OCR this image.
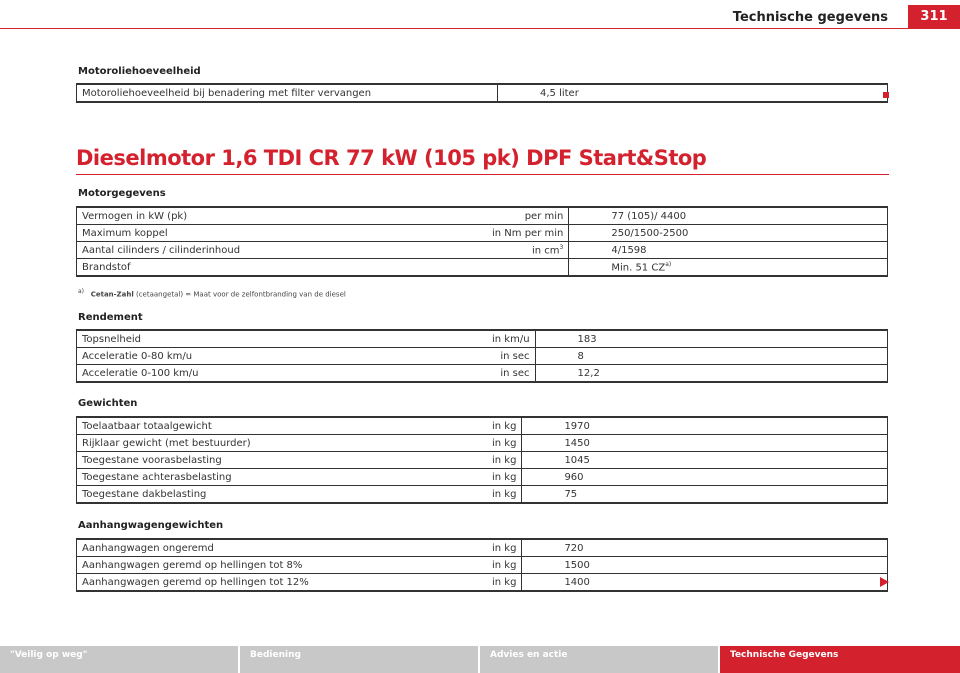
Technische gegevens	311
Motoroliehoeveelheid
Motoroliehoeveelheid bij benadering met filter vervangen		4,5 liter
Dieselmotor 1,6 TDI CR 77 kW (105 pk) DPF Start&Stop
Motorgegevens
Vermogen in kW (pk)	per min	77 (105)/ 4400
Maximum koppel	in Nm per min	250/1500-2500
Aantal cilinders / cilinderinhoud	in $cm^3$	4/1598
Brandstof		Min. 51 CZ$^{a)}$
$^{a)}$ Cetan-Zahl (cetaangetal) = Maat voor de zelfontbranding van de diesel
Rendement
Topsnelheid	in km/u	183
Acceleratie 0-80 km/u	in sec	8
Acceleratie 0-100 km/u	in sec	12,2
Gewichten
Toelaatbaar totaalgewicht	in kg	1970
Rijklaar gewicht (met bestuurder)	in kg	1450
Toegestane voorasbelasting	in kg	1045
Toegestane achterasbelasting	in kg	960
Toegestane dakbelasting	in kg	75
Aanhangwagengewichten
Aanhangwagen ongeremd	in kg	720
Aanhangwagen geremd op hellingen tot 8%	in kg	1500
Aanhangwagen geremd op hellingen tot 12%	in kg	1400
"Veilig op weg"	Bediening	Advies en actie	Technische Gegevens
